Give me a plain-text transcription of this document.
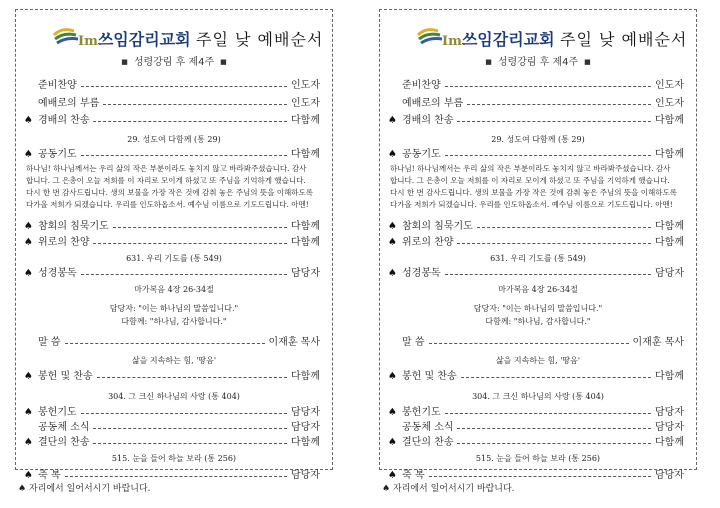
Im쓰임감리교회 주일 낮 예배순서
■ 성령강림 후 제4주 ■
준비찬양	인도자
예배로의 부름	인도자
♠ 경배의 찬송	다함께
29. 성도여 다함께 (통 29)
♠ 공동기도	다함께
♠ 참회의 침묵기도	다함께
♠ 위로의 찬양	다함께
631. 우리 기도를 (통 549)
♠ 성경봉독	담당자
마가복음 4장 26-34절
말 씀	이재훈 목사
삶을 지속하는 힘, '땅음'
♠ 봉헌 및 찬송	다함께
304. 그 크신 하나님의 사랑 (통 404)
♠ 봉헌기도	담당자
공동체 소식	담당자
♠ 결단의 찬송	다함께
515. 눈을 들어 하늘 보라 (통 256)
♠ 축 복	담당자
하나님! 하나님께서는 우리 삶의 작은 부분이라도 놓치지 않고 바라봐주셨습니다. 감사
합니다. 그 은총이 오늘 저희를 이 자리로 모이게 하셨고 또 주님을 기억하게 했습니다.
다시 한 번 감사드립니다. 생의 보물을 가장 작은 것에 감춰 놓은 주님의 뜻을 이해하도록
다가올 저희가 되겠습니다. 우리를 인도하옵소서. 예수님 이름으로 기도드립니다. 아멘!
담당자: "이는 하나님의 말씀입니다."
다함께: "하나님, 감사합니다."
Im쓰임감리교회 주일 낮 예배순서
■ 성령강림 후 제4주 ■
준비찬양	인도자
예배로의 부름	인도자
♠ 경배의 찬송	다함께
29. 성도여 다함께 (통 29)
♠ 공동기도	다함께
♠ 참회의 침묵기도	다함께
♠ 위로의 찬양	다함께
631. 우리 기도를 (통 549)
♠ 성경봉독	담당자
마가복음 4장 26-34절
말 씀	이재훈 목사
삶을 지속하는 힘, '땅음'
♠ 봉헌 및 찬송	다함께
304. 그 크신 하나님의 사랑 (통 404)
♠ 봉헌기도	담당자
공동체 소식	담당자
♠ 결단의 찬송	다함께
515. 눈을 들어 하늘 보라 (통 256)
♠ 축 복	담당자
하나님! 하나님께서는 우리 삶의 작은 부분이라도 놓치지 않고 바라봐주셨습니다. 감사
합니다. 그 은총이 오늘 저희를 이 자리로 모이게 하셨고 또 주님을 기억하게 했습니다.
다시 한 번 감사드립니다. 생의 보물을 가장 작은 것에 감춰 놓은 주님의 뜻을 이해하도록
다가올 저희가 되겠습니다. 우리를 인도하옵소서. 예수님 이름으로 기도드립니다. 아멘!
담당자: "이는 하나님의 말씀입니다."
다함께: "하나님, 감사합니다."
♠ 자리에서 일어서시기 바랍니다.	♠ 자리에서 일어서시기 바랍니다.
